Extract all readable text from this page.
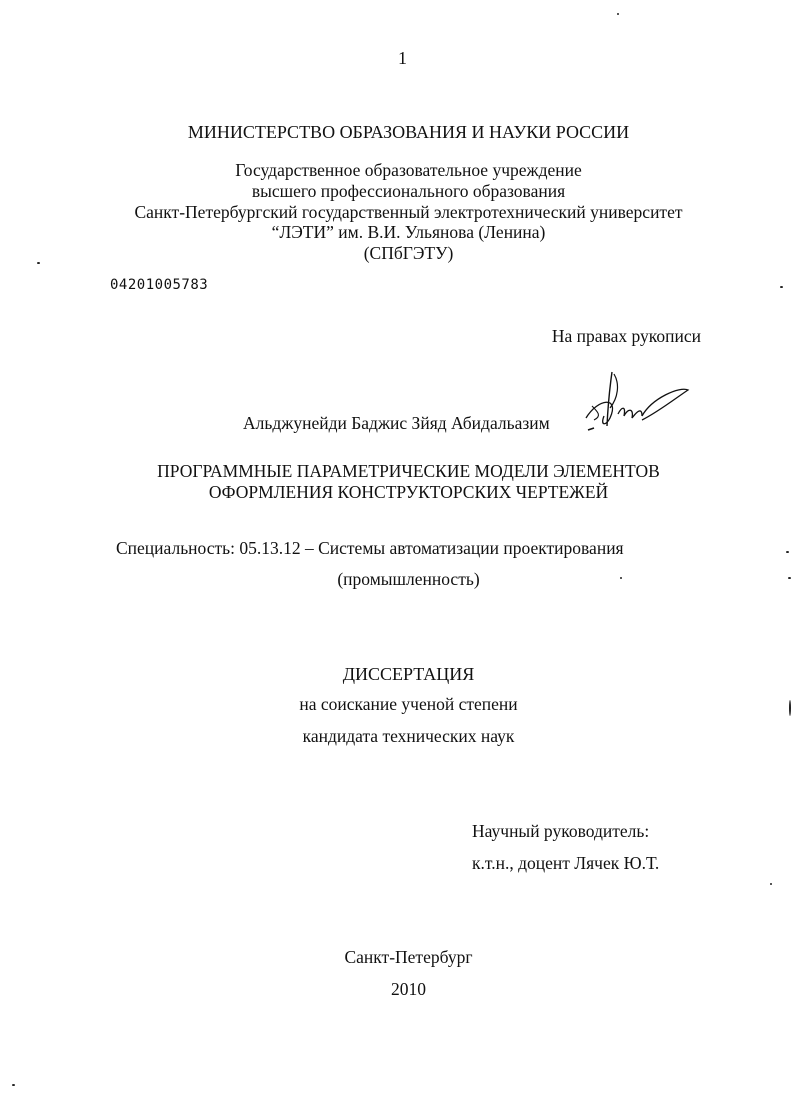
1
МИНИСТЕРСТВО ОБРАЗОВАНИЯ И НАУКИ РОССИИ
Государственное образовательное учреждение
высшего профессионального образования
Санкт-Петербургский государственный электротехнический университет
“ЛЭТИ” им. В.И. Ульянова (Ленина)
(СПбГЭТУ)
04201005783
На правах рукописи
Альджунейди Баджис Зйяд Абидальазим
ПРОГРАММНЫЕ ПАРАМЕТРИЧЕСКИЕ МОДЕЛИ ЭЛЕМЕНТОВ
ОФОРМЛЕНИЯ КОНСТРУКТОРСКИХ ЧЕРТЕЖЕЙ
Специальность: 05.13.12 – Системы автоматизации проектирования
(промышленность)
ДИССЕРТАЦИЯ
на соискание ученой степени
кандидата технических наук
Научный руководитель:
к.т.н., доцент Лячек Ю.Т.
Санкт-Петербург
2010
